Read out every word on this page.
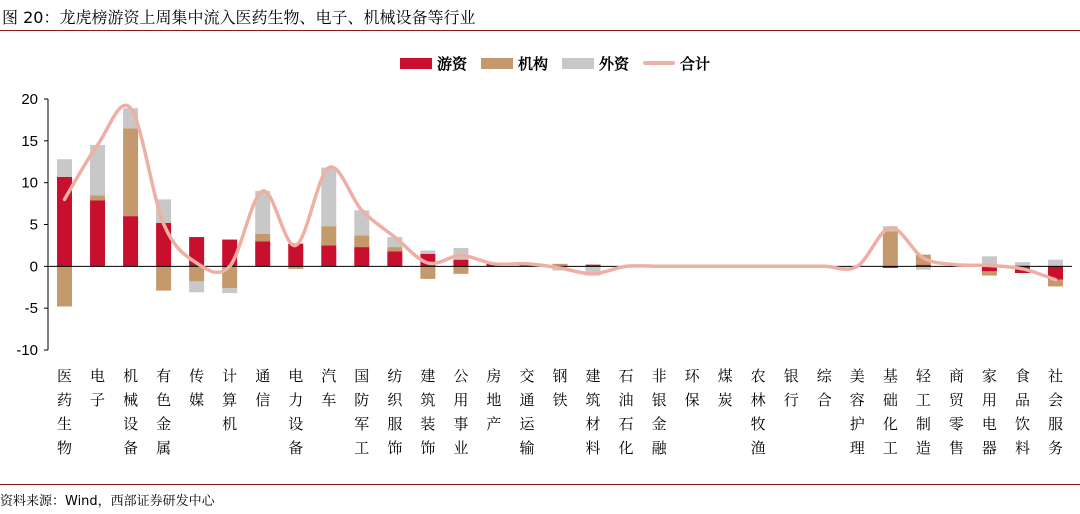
图 20：龙虎榜游资上周集中流入医药生物、电子、机械设备等行业
游资	机构	外资	合计
-10
-5
0
5
10
15
20
医药生物
电子
机械设备
有色金属
传媒
计算机
通信
电力设备
汽车
国防军工
纺织服饰
建筑装饰
公用事业
房地产
交通运输
钢铁
建筑材料
石油石化
非银金融
环保
煤炭
农林牧渔
银行
综合
美容护理
基础化工
轻工制造
商贸零售
家用电器
食品饮料
社会服务
资料来源：Wind，西部证券研发中心
